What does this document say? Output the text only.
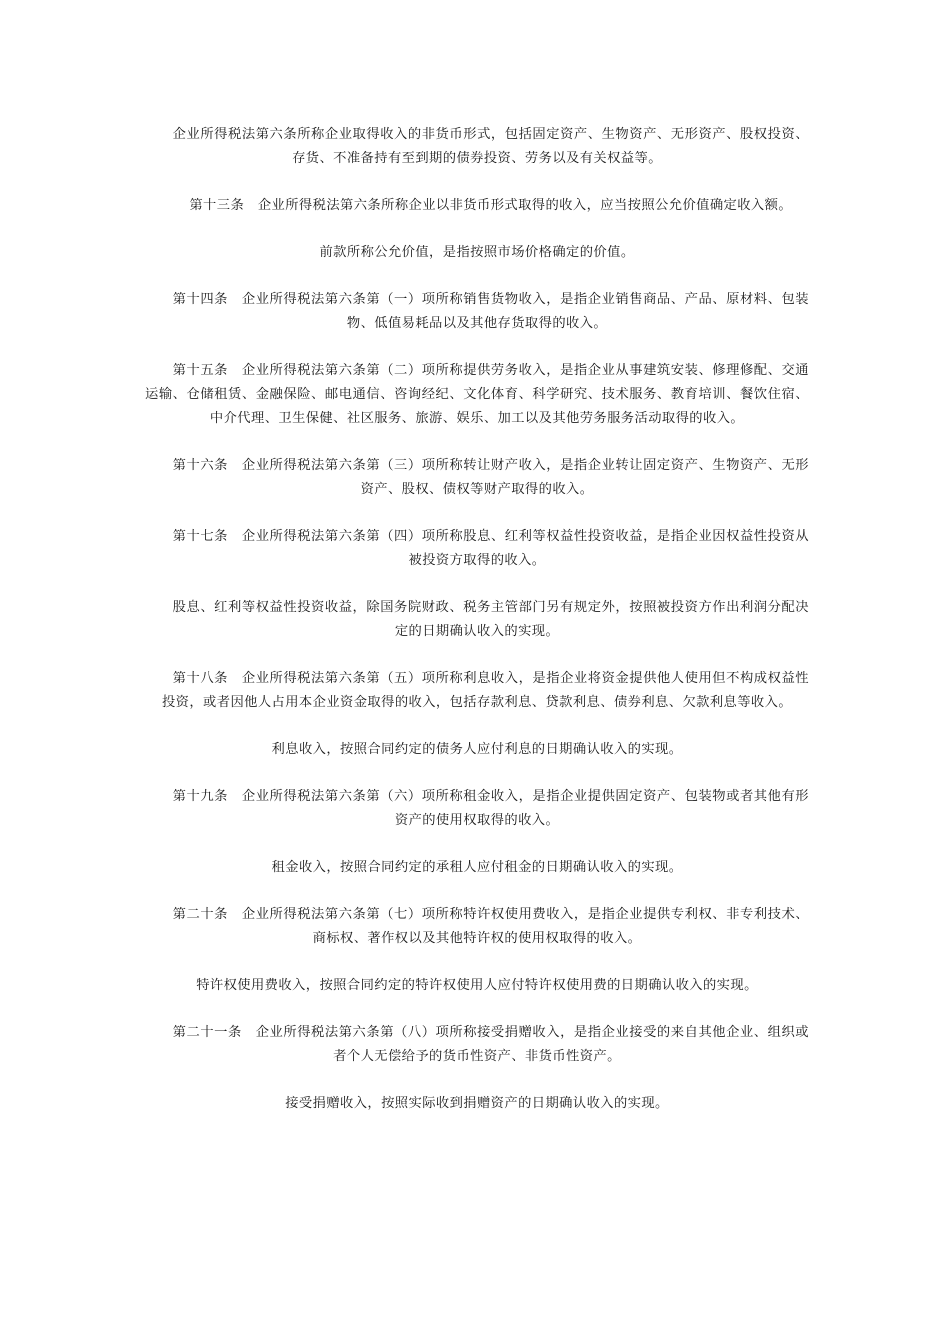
　　企业所得税法第六条所称企业取得收入的非货币形式，包括固定资产、生物资产、无形资产、股权投资、存货、不准备持有至到期的债券投资、劳务以及有关权益等。

　　第十三条　企业所得税法第六条所称企业以非货币形式取得的收入，应当按照公允价值确定收入额。

前款所称公允价值，是指按照市场价格确定的价值。

　　第十四条　企业所得税法第六条第（一）项所称销售货物收入，是指企业销售商品、产品、原材料、包装物、低值易耗品以及其他存货取得的收入。

　　第十五条　企业所得税法第六条第（二）项所称提供劳务收入，是指企业从事建筑安装、修理修配、交通运输、仓储租赁、金融保险、邮电通信、咨询经纪、文化体育、科学研究、技术服务、教育培训、餐饮住宿、中介代理、卫生保健、社区服务、旅游、娱乐、加工以及其他劳务服务活动取得的收入。

　　第十六条　企业所得税法第六条第（三）项所称转让财产收入，是指企业转让固定资产、生物资产、无形资产、股权、债权等财产取得的收入。

　　第十七条　企业所得税法第六条第（四）项所称股息、红利等权益性投资收益，是指企业因权益性投资从被投资方取得的收入。

　　股息、红利等权益性投资收益，除国务院财政、税务主管部门另有规定外，按照被投资方作出利润分配决定的日期确认收入的实现。

　　第十八条　企业所得税法第六条第（五）项所称利息收入，是指企业将资金提供他人使用但不构成权益性投资，或者因他人占用本企业资金取得的收入，包括存款利息、贷款利息、债券利息、欠款利息等收入。

利息收入，按照合同约定的债务人应付利息的日期确认收入的实现。

　　第十九条　企业所得税法第六条第（六）项所称租金收入，是指企业提供固定资产、包装物或者其他有形资产的使用权取得的收入。

租金收入，按照合同约定的承租人应付租金的日期确认收入的实现。

　　第二十条　企业所得税法第六条第（七）项所称特许权使用费收入，是指企业提供专利权、非专利技术、商标权、著作权以及其他特许权的使用权取得的收入。

特许权使用费收入，按照合同约定的特许权使用人应付特许权使用费的日期确认收入的实现。

　　第二十一条　企业所得税法第六条第（八）项所称接受捐赠收入，是指企业接受的来自其他企业、组织或者个人无偿给予的货币性资产、非货币性资产。

接受捐赠收入，按照实际收到捐赠资产的日期确认收入的实现。
